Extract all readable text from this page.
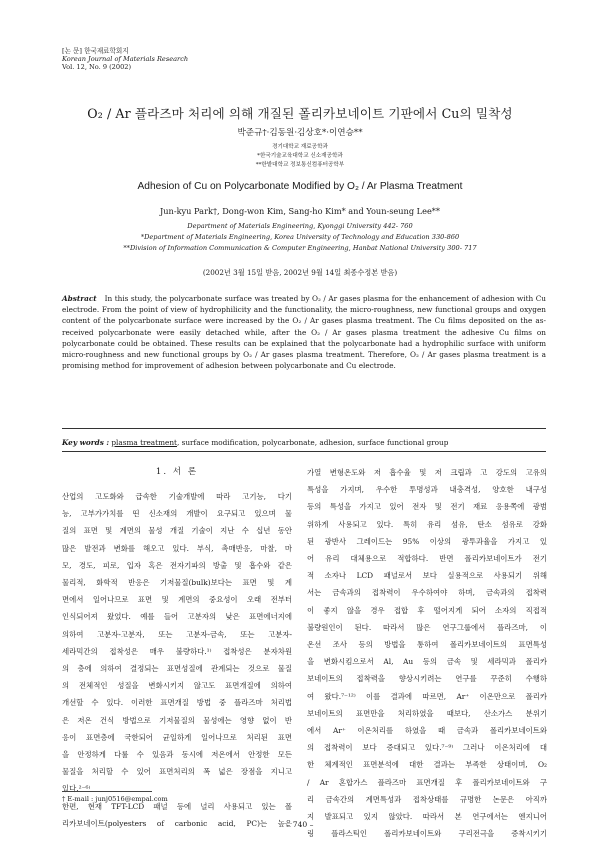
[논 문] 한국재료학회지
Korean Journal of Materials Research
Vol. 12, No. 9 (2002)
O₂ / Ar 플라즈마 처리에 의해 개질된 폴리카보네이트 기판에서 Cu의 밀착성
박준규†·김동원·김상호*·이연승**
경기대학교 재료공학과
*한국기술교육대학교 신소재공학과
**한밭대학교 정보통신컴퓨터공학부
Adhesion of Cu on Polycarbonate Modified by O₂ / Ar Plasma Treatment
Jun-kyu Park†, Dong-won Kim, Sang-ho Kim* and Youn-seung Lee**
Department of Materials Engineering, Kyonggi University 442- 760
*Department of Materials Engineering, Korea University of Technology and Education 330-860
**Division of Information Communication & Computer Engineering, Hanbat National University 300- 717
(2002년 3월 15일 받음, 2002년 9월 14일 최종수정본 받음)
Abstract In this study, the polycarbonate surface was treated by O₂ / Ar gases plasma for the enhancement of adhesion with Cu electrode. From the point of view of hydrophilicity and the functionality, the micro-roughness, new functional groups and oxygen content of the polycarbonate surface were increased by the O₂ / Ar gases plasma treatment. The Cu films deposited on the as-received polycarbonate were easily detached while, after the O₂ / Ar gases plasma treatment the adhesive Cu films on polycarbonate could be obtained. These results can be explained that the polycarbonate had a hydrophilic surface with uniform micro-roughness and new functional groups by O₂ / Ar gases plasma treatment. Therefore, O₂ / Ar gases plasma treatment is a promising method for improvement of adhesion between polycarbonate and Cu electrode.
Key words : plasma treatment, surface modification, polycarbonate, adhesion, surface functional group
1. 서 론
산업의 고도화와 급속한 기술개발에 따라 고기능, 다기
능, 고부가가치를 띤 신소재의 개발이 요구되고 있으며 물
질의 표면 및 계면의 물성 개질 기술이 지난 수 십년 동안
많은 발전과 변화를 해오고 있다. 부식, 촉매반응, 마찰, 마
모, 경도, 피로, 입자 혹은 전자기파의 방출 및 흡수와 같은
물리적, 화학적 반응은 기저물질(bulk)보다는 표면 및 계
면에서 일어나므로 표면 및 계면의 중요성이 오래 전부터
인식되어져 왔었다. 예를 들어 고분자의 낮은 표면에너지에
의하여 고분자-고분자, 또는 고분자-금속, 또는 고분자-
세라믹간의 접착성은 매우 불량하다.¹⁾ 접착성은 분자차원
의 층에 의하여 결정되는 표면성질에 관계되는 것으로 물질
의 전체적인 성질을 변화시키지 않고도 표면개질에 의하여
개선할 수 있다. 이러한 표면개질 방법 중 플라즈마 처리법
은 저온 건식 방법으로 기저물질의 물성에는 영향 없이 반
응이 표면층에 국한되어 균일하게 일어나므로 처리된 표면
을 안정하게 다룰 수 있음과 동시에 저온에서 안정한 모든
물질을 처리할 수 있어 표면처리의 폭 넓은 장점을 지니고
있다.²⁻⁶⁾
한편, 현재 TFT-LCD 패널 등에 널리 사용되고 있는 폴
리카보네이트(polyesters of carbonic acid, PC)는 높은
가열 변형온도와 저 흡수율 및 저 크립과 고 강도의 고유의
특성을 가지며, 우수한 투명성과 내충격성, 양호한 내구성
등의 특성을 가지고 있어 전자 및 전기 재료 응용쪽에 광범
위하게 사용되고 있다. 특히 유리 섬유, 탄소 섬유로 강화
된 광반사 그레이드는 95% 이상의 광투과율을 가지고 있
어 유리 대체용으로 적합하다. 반면 폴리카보네이트가 전기
적 소자나 LCD 패널로서 보다 실용적으로 사용되기 위해
서는 금속과의 접착력이 우수하여야 하며, 금속과의 접착력
이 좋지 않을 경우 접합 후 떨어지게 되어 소자의 직접적
불량원인이 된다. 따라서 많은 연구그룹에서 플라즈마, 이
온선 조사 등의 방법을 통하여 폴리카보네이트의 표면특성
을 변화시킴으로서 Al, Au 등의 금속 및 세라믹과 폴리카
보네이트의 접착력을 향상시키려는 연구를 꾸준히 수행하
여 왔다.⁷⁻¹²⁾ 이를 결과에 따르면, Ar⁺ 이온만으로 폴리카
보네이트의 표면만을 처리하였을 때보다, 산소가스 분위기
에서 Ar⁺ 이온처리를 하였을 때 금속과 폴리카보네이트와
의 접착력이 보다 증대되고 있다.⁷⁻⁹⁾ 그러나 이온처리에 대
한 체계적인 표면분석에 대한 결과는 부족한 상태이며, O₂
/ Ar 혼합가스 플라즈마 표면개질 후 폴리카보네이트와 구
리 금속간의 계면특성과 접착상태를 규명한 논문은 아직까
지 발표되고 있지 않았다. 따라서 본 연구에서는 엔지니어
링 플라스틱인 폴리카보네이트와 구리전극을 증착시키기
† E-mail : junj0516@empal.com
– 740 –
